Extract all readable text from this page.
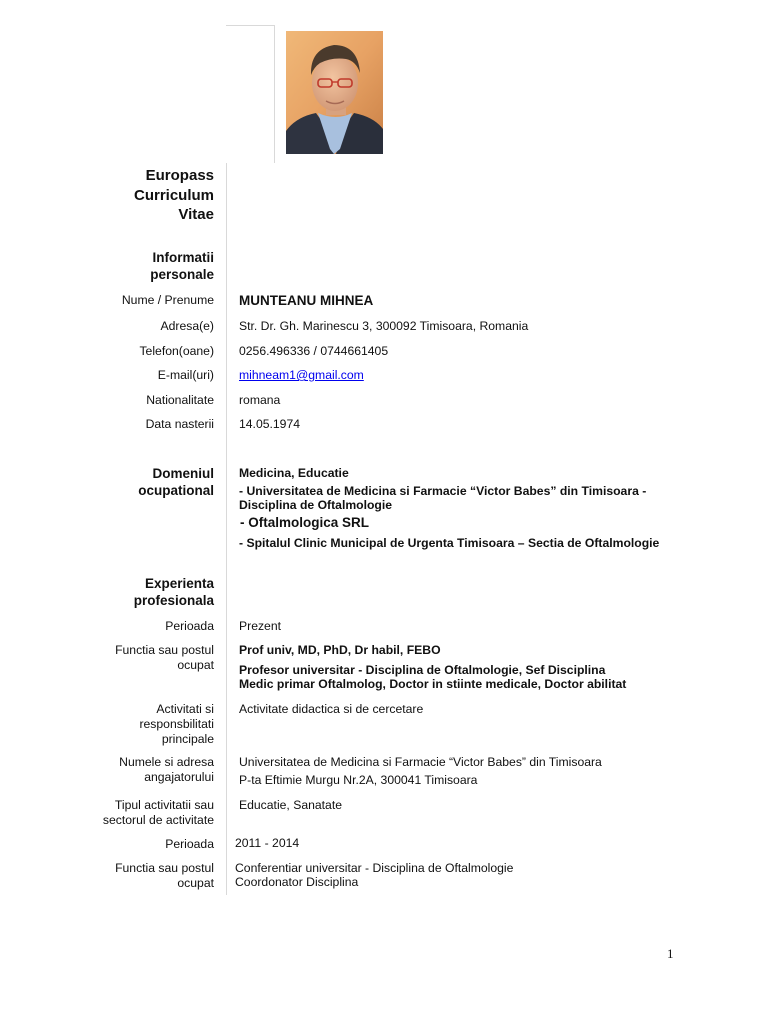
Europass
Curriculum
Vitae
Informatii
personale
Nume / Prenume MUNTEANU MIHNEA
Adresa(e) Str. Dr. Gh. Marinescu 3, 300092 Timisoara, Romania
Telefon(oane) 0256.496336 / 0744661405
E-mail(uri) mihneam1@gmail.com
Nationalitate romana
Data nasterii 14.05.1974
Domeniul
ocupational
Medicina, Educatie
- Universitatea de Medicina si Farmacie “Victor Babes” din Timisoara -
Disciplina de Oftalmologie
- Oftalmologica SRL
- Spitalul Clinic Municipal de Urgenta Timisoara – Sectia de Oftalmologie
Experienta
profesionala
Perioada Prezent
Functia sau postul
ocupat
Prof univ, MD, PhD, Dr habil, FEBO
Profesor universitar - Disciplina de Oftalmologie, Sef Disciplina
Medic primar Oftalmolog, Doctor in stiinte medicale, Doctor abilitat
Activitati si
responsbilitati
principale
Activitate didactica si de cercetare
Numele si adresa
angajatorului
Universitatea de Medicina si Farmacie “Victor Babes” din Timisoara
P-ta Eftimie Murgu Nr.2A, 300041 Timisoara
Tipul activitatii sau
sectorul de activitate
Educatie, Sanatate
Perioada 2011 - 2014
Functia sau postul
ocupat
Conferentiar universitar - Disciplina de Oftalmologie
Coordonator Disciplina
1
